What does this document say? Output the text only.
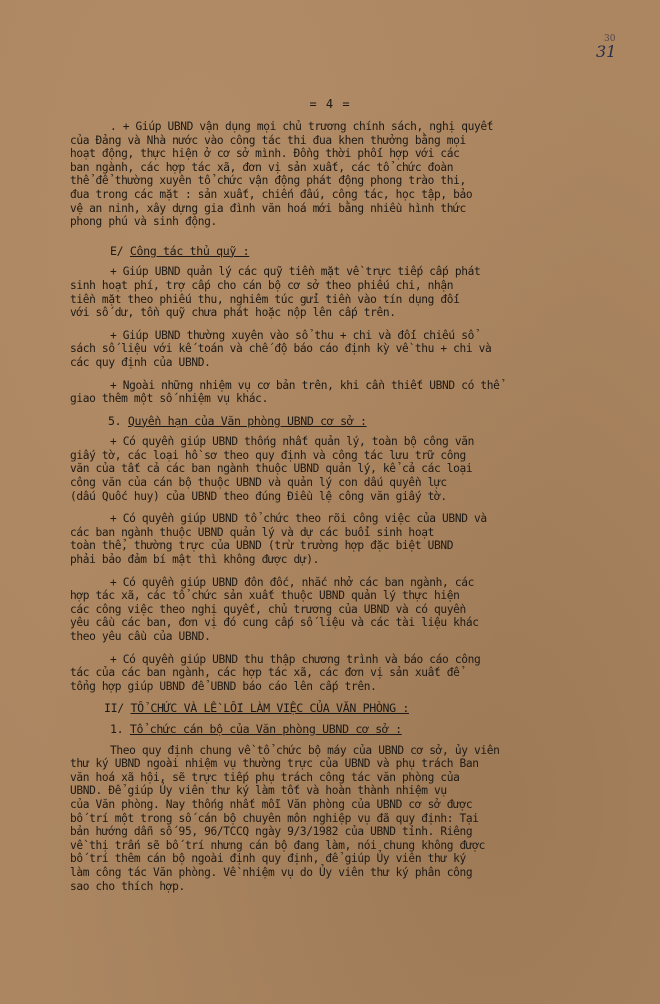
30
31
= 4 =

. + Giúp UBND vận dụng mọi chủ trương chính sách, nghị quyết

của Đảng và Nhà nước vào công tác thi đua khen thưởng bằng mọi

hoạt động, thực hiện ở cơ sở mình. Đồng thời phối hợp với các

ban ngành, các hợp tác xã, đơn vị sản xuất, các tổ chức đoàn

thể để thường xuyên tổ chức vận động phát động phong trào thi,

đua trong các mặt : sản xuất, chiến đấu, công tác, học tập, bảo

vệ an ninh, xây dựng gia đình văn hoá mới bằng nhiều hình thức

phong phú và sinh động.

E/ Công tác thủ quỹ :

+ Giúp UBND quản lý các quỹ tiền mặt về trực tiếp cấp phát

sinh hoạt phí, trợ cấp cho cán bộ cơ sở theo phiếu chi, nhận

tiền mặt theo phiếu thu, nghiêm túc gửi tiền vào tín dụng đối

với số dư, tồn quỹ chưa phát hoặc nộp lên cấp trên.

+ Giúp UBND thường xuyên vào sổ thu + chi và đối chiếu sổ

sách số liệu với kế toán và chế độ báo cáo định kỳ về thu + chi và

các quy định của UBND.

+ Ngoài những nhiệm vụ cơ bản trên, khi cần thiết UBND có thể

giao thêm một số nhiệm vụ khác.

5. Quyền hạn của Văn phòng UBND cơ sở :

+ Có quyền giúp UBND thống nhất quản lý, toàn bộ công văn

giấy tờ, các loại hồ sơ theo quy định và công tác lưu trữ công

văn của tất cả các ban ngành thuộc UBND quản lý, kể cả các loại

công văn của cán bộ thuộc UBND và quản lý con dấu quyền lực

(dấu Quốc huy) của UBND theo đúng Điều lệ công văn giấy tờ.

+ Có quyền giúp UBND tổ chức theo rõi công việc của UBND và

các ban ngành thuộc UBND quản lý và dự các buổi sinh hoạt

toàn thể, thường trực của UBND (trừ trường hợp đặc biệt UBND

phải bảo đảm bí mật thì không được dự).

+ Có quyền giúp UBND đôn đốc, nhắc nhở các ban ngành, các

hợp tác xã, các tổ chức sản xuất thuộc UBND quản lý thực hiện

các công việc theo nghị quyết, chủ trương của UBND và có quyền

yêu cầu các ban, đơn vị đó cung cấp số liệu và các tài liệu khác

theo yêu cầu của UBND.

+ Có quyền giúp UBND thu thập chương trình và báo cáo công

tác của các ban ngành, các hợp tác xã, các đơn vị sản xuất để

tổng hợp giúp UBND để UBND báo cáo lên cấp trên.

II/ TỔ CHỨC VÀ LỀ LỐI LÀM VIỆC CỦA VĂN PHÒNG :
1. Tổ chức cán bộ của Văn phòng UBND cơ sở :

Theo quy định chung về tổ chức bộ máy của UBND cơ sở, ủy viên

thư ký UBND ngoài nhiệm vụ thường trực của UBND và phụ trách Ban

văn hoá xã hội, sẽ trực tiếp phụ trách công tác văn phòng của

UBND. Để giúp Ủy viên thư ký làm tốt và hoàn thành nhiệm vụ

của Văn phòng. Nay thống nhất mỗi Văn phòng của UBND cơ sở được

bố trí một trong số cán bộ chuyên môn nghiệp vụ đã quy định: Tại

bản hướng dẫn số 95, 96/TCCQ ngày 9/3/1982 của UBND tỉnh. Riêng

về thị trấn sẽ bố trí nhưng cán bộ đang làm, nói chung không được

bố trí thêm cán bộ ngoài định quy định, để giúp Ủy viên thư ký

làm công tác Văn phòng. Về nhiệm vụ do Ủy viên thư ký phân công

sao cho thích hợp.
